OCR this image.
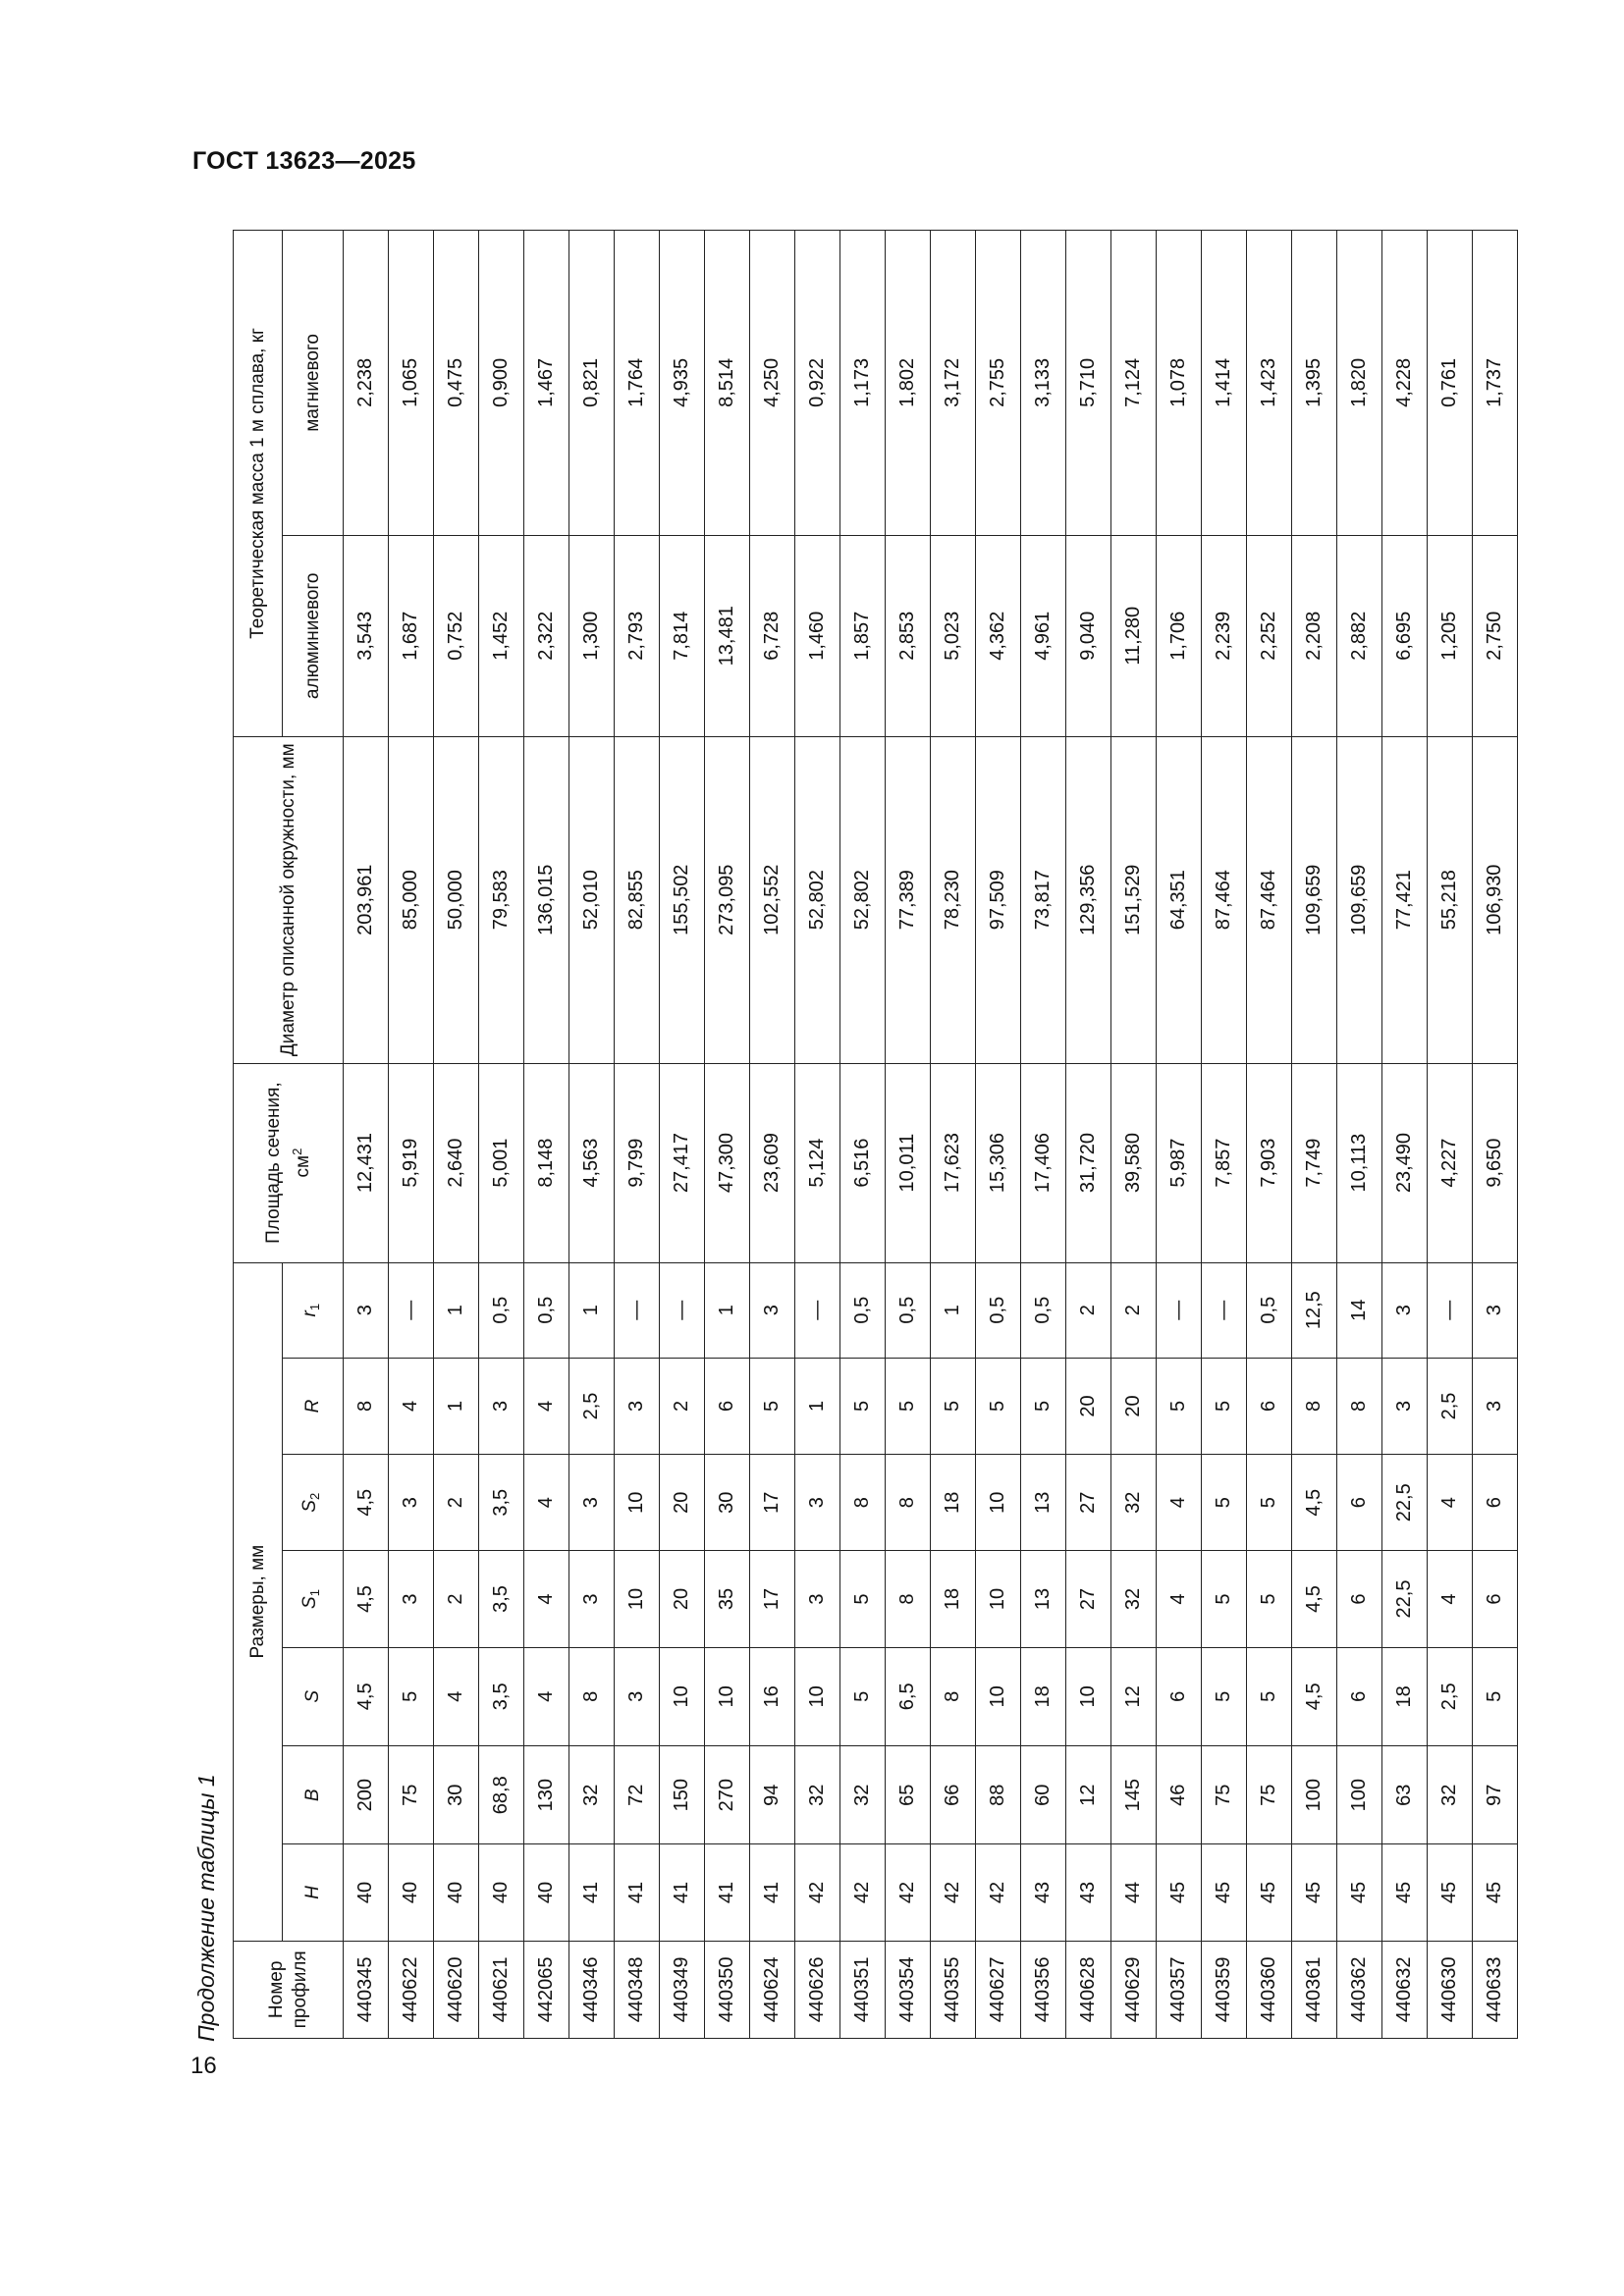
ГОСТ 13623—2025
Продолжение таблицы 1
16
Номер профиля	Размеры, мм							Площадь сечения, $см^2$	Диаметр описанной окружности, мм	Теоретическая масса 1 м сплава, кг	
	H	B	S	$S_1$	$S_2$	R	$r_1$			алюминиевого	магниевого
440345	40	200	4,5	4,5	4,5	8	3	12,431	203,961	3,543	2,238
440622	40	75	5	3	3	4	—	5,919	85,000	1,687	1,065
440620	40	30	4	2	2	1	1	2,640	50,000	0,752	0,475
440621	40	68,8	3,5	3,5	3,5	3	0,5	5,001	79,583	1,452	0,900
442065	40	130	4	4	4	4	0,5	8,148	136,015	2,322	1,467
440346	41	32	8	3	3	2,5	1	4,563	52,010	1,300	0,821
440348	41	72	3	10	10	3	—	9,799	82,855	2,793	1,764
440349	41	150	10	20	20	2	—	27,417	155,502	7,814	4,935
440350	41	270	10	35	30	6	1	47,300	273,095	13,481	8,514
440624	41	94	16	17	17	5	3	23,609	102,552	6,728	4,250
440626	42	32	10	3	3	1	—	5,124	52,802	1,460	0,922
440351	42	32	5	5	8	5	0,5	6,516	52,802	1,857	1,173
440354	42	65	6,5	8	8	5	0,5	10,011	77,389	2,853	1,802
440355	42	66	8	18	18	5	1	17,623	78,230	5,023	3,172
440627	42	88	10	10	10	5	0,5	15,306	97,509	4,362	2,755
440356	43	60	18	13	13	5	0,5	17,406	73,817	4,961	3,133
440628	43	12	10	27	27	20	2	31,720	129,356	9,040	5,710
440629	44	145	12	32	32	20	2	39,580	151,529	11,280	7,124
440357	45	46	6	4	4	5	—	5,987	64,351	1,706	1,078
440359	45	75	5	5	5	5	—	7,857	87,464	2,239	1,414
440360	45	75	5	5	5	6	0,5	7,903	87,464	2,252	1,423
440361	45	100	4,5	4,5	4,5	8	12,5	7,749	109,659	2,208	1,395
440362	45	100	6	6	6	8	14	10,113	109,659	2,882	1,820
440632	45	63	18	22,5	22,5	3	3	23,490	77,421	6,695	4,228
440630	45	32	2,5	4	4	2,5	—	4,227	55,218	1,205	0,761
440633	45	97	5	6	6	3	3	9,650	106,930	2,750	1,737
